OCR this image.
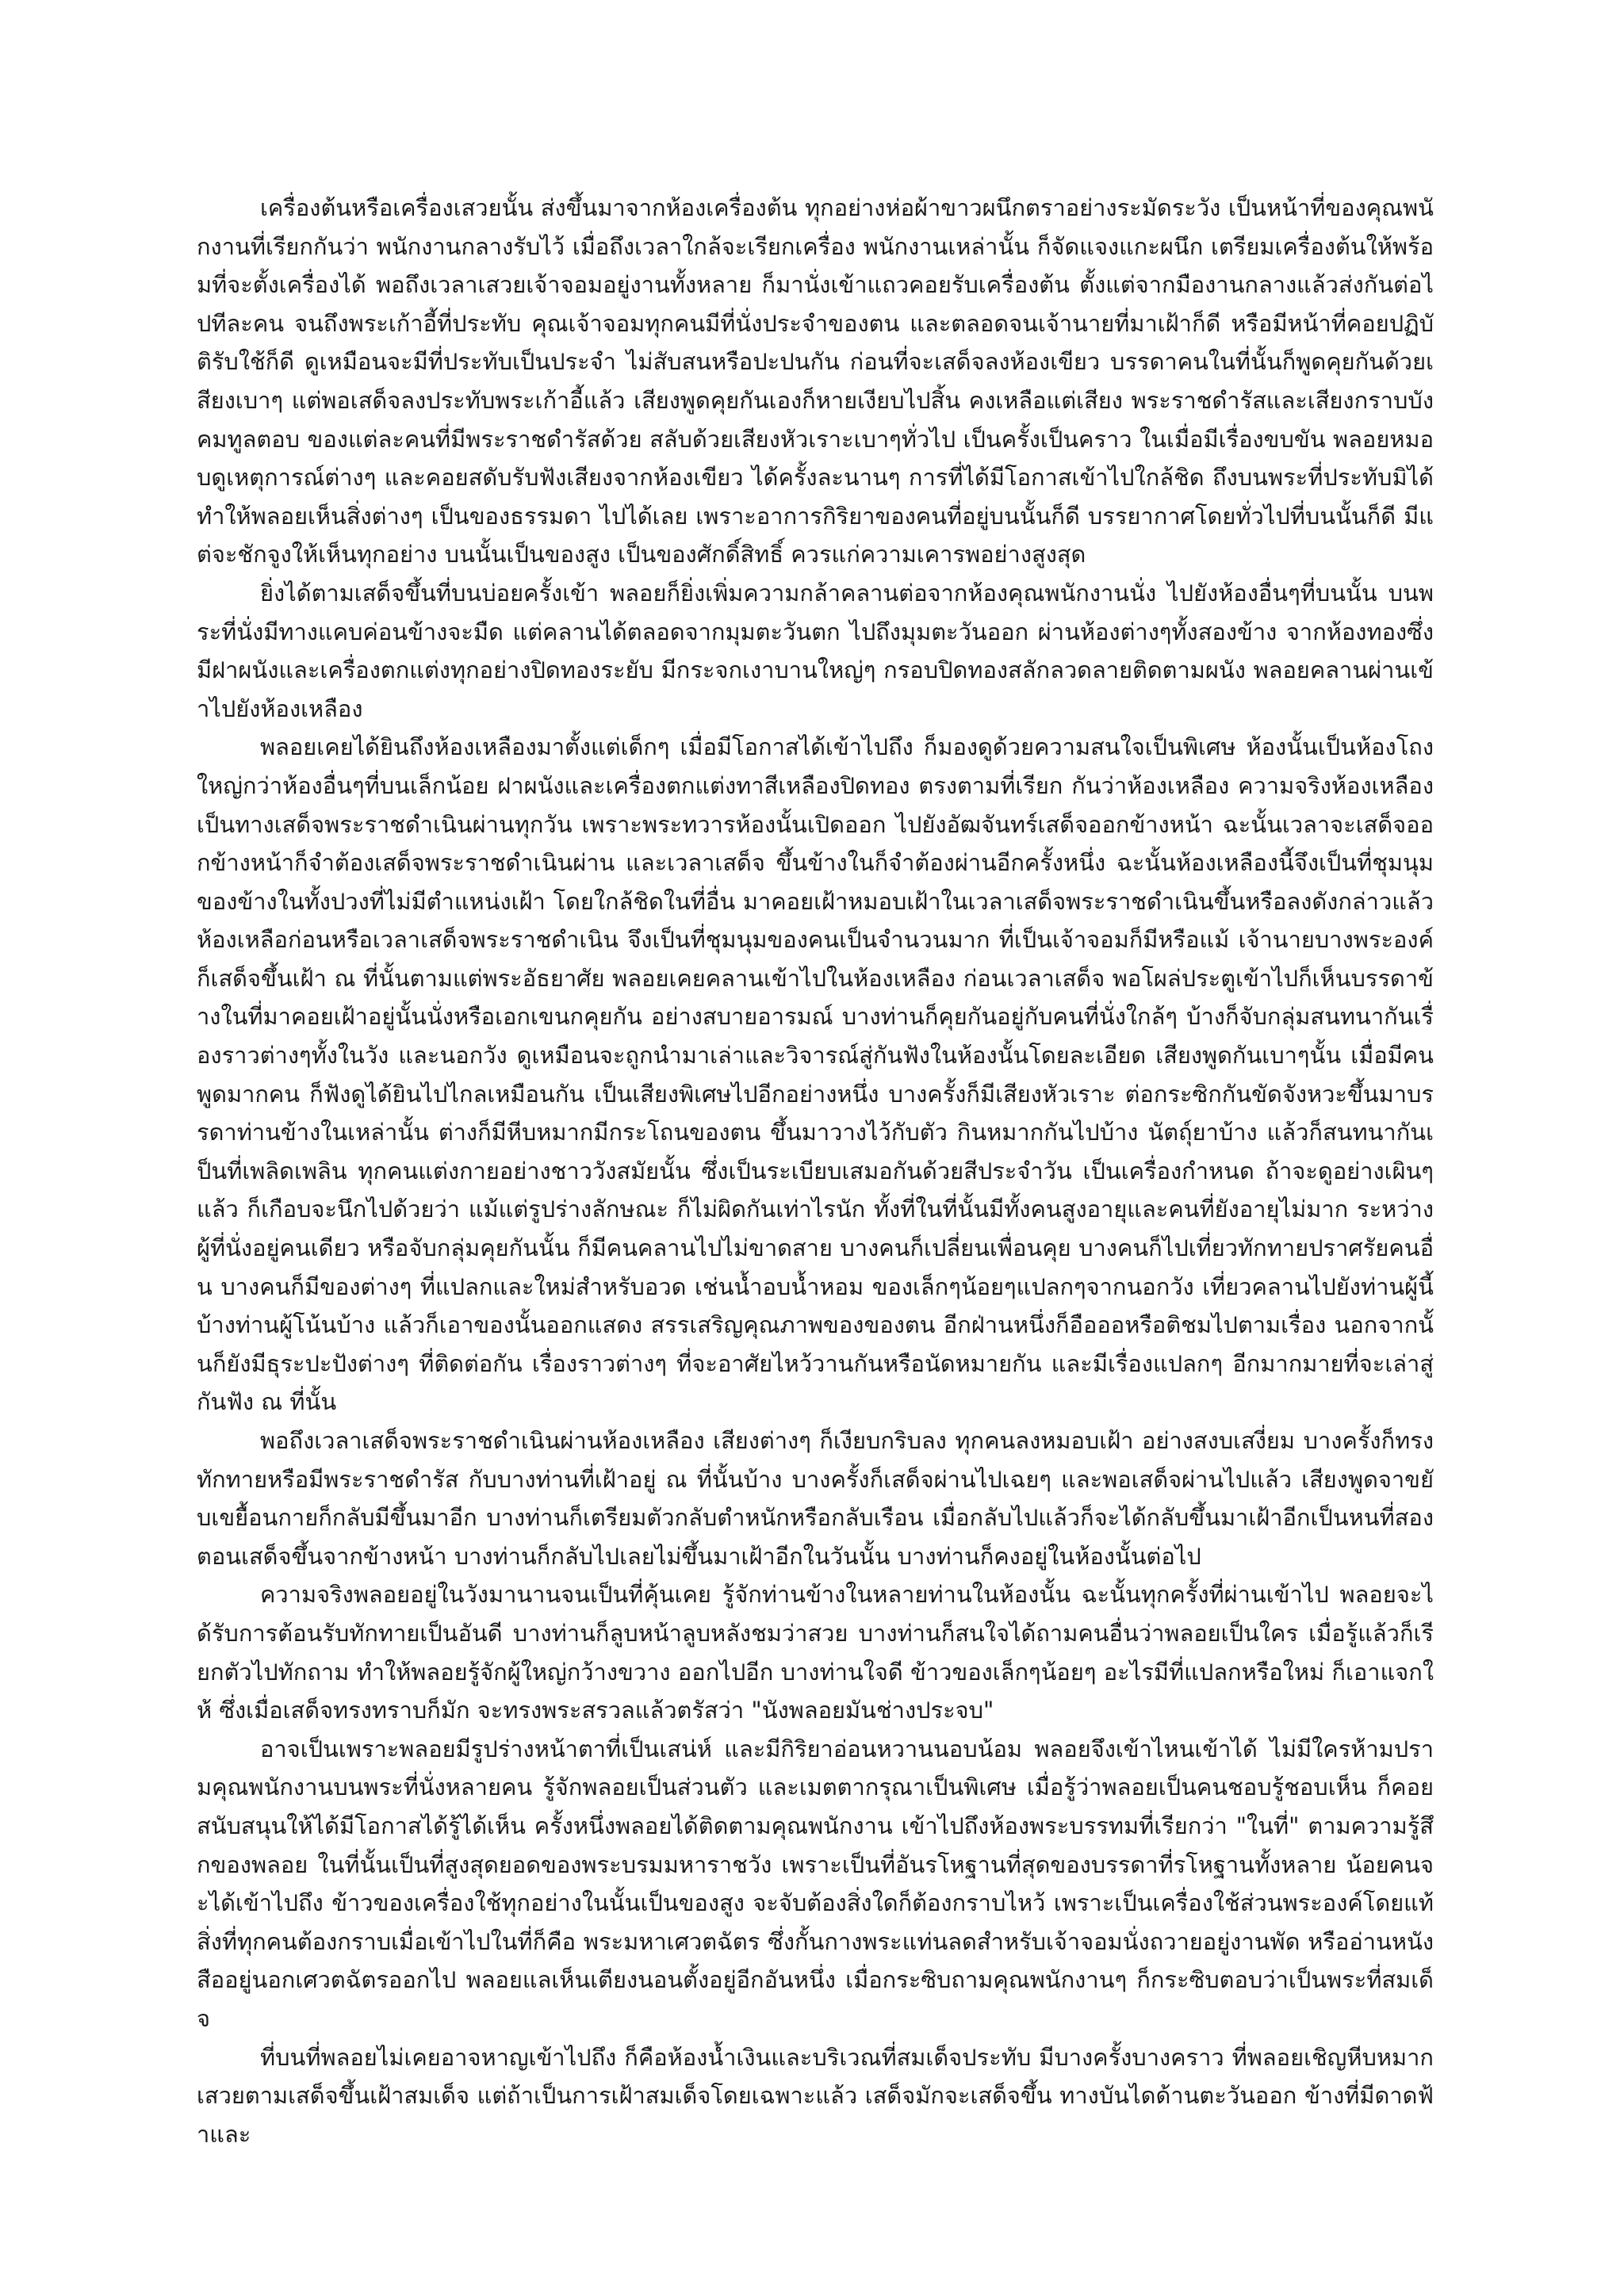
เครื่องต้นหรือเครื่องเสวยนั้น ส่งขึ้นมาจากห้องเครื่องต้น ทุกอย่างห่อผ้าขาวผนึกตราอย่างระมัดระวัง เป็นหน้าที่ของคุณพนักงานที่เรียกกันว่า พนักงานกลางรับไว้ เมื่อถึงเวลาใกล้จะเรียกเครื่อง พนักงานเหล่านั้น ก็จัดแจงแกะผนึก เตรียมเครื่องต้นให้พร้อมที่จะตั้งเครื่องได้ พอถึงเวลาเสวยเจ้าจอมอยู่งานทั้งหลาย ก็มานั่งเข้าแถวคอยรับเครื่องต้น ตั้งแต่จากมืองานกลางแล้วส่งกันต่อไปทีละคน จนถึงพระเก้าอี้ที่ประทับ คุณเจ้าจอมทุกคนมีที่นั่งประจำของตน และตลอดจนเจ้านายที่มาเฝ้าก็ดี หรือมีหน้าที่คอยปฏิบัติรับใช้ก็ดี ดูเหมือนจะมีที่ประทับเป็นประจำ ไม่สับสนหรือปะปนกัน ก่อนที่จะเสด็จลงห้องเขียว บรรดาคนในที่นั้นก็พูดคุยกันด้วยเสียงเบาๆ แต่พอเสด็จลงประทับพระเก้าอี้แล้ว เสียงพูดคุยกันเองก็หายเงียบไปสิ้น คงเหลือแต่เสียง พระราชดำรัสและเสียงกราบบังคมทูลตอบ ของแต่ละคนที่มีพระราชดำรัสด้วย สลับด้วยเสียงหัวเราะเบาๆทั่วไป เป็นครั้งเป็นคราว ในเมื่อมีเรื่องขบขัน พลอยหมอบดูเหตุการณ์ต่างๆ และคอยสดับรับฟังเสียงจากห้องเขียว ได้ครั้งละนานๆ การที่ได้มีโอกาสเข้าไปใกล้ชิด ถึงบนพระที่ประทับมิได้ทำให้พลอยเห็นสิ่งต่างๆ เป็นของธรรมดา ไปได้เลย เพราะอาการกิริยาของคนที่อยู่บนนั้นก็ดี บรรยากาศโดยทั่วไปที่บนนั้นก็ดี มีแต่จะชักจูงให้เห็นทุกอย่าง บนนั้นเป็นของสูง เป็นของศักดิ์สิทธิ์ ควรแก่ความเคารพอย่างสูงสุด

ยิ่งได้ตามเสด็จขึ้นที่บนบ่อยครั้งเข้า พลอยก็ยิ่งเพิ่มความกล้าคลานต่อจากห้องคุณพนักงานนั่ง ไปยังห้องอื่นๆที่บนนั้น บนพระที่นั่งมีทางแคบค่อนข้างจะมืด แต่คลานได้ตลอดจากมุมตะวันตก ไปถึงมุมตะวันออก ผ่านห้องต่างๆทั้งสองข้าง จากห้องทองซึ่งมีฝาผนังและเครื่องตกแต่งทุกอย่างปิดทองระยับ มีกระจกเงาบานใหญ่ๆ กรอบปิดทองสลักลวดลายติดตามผนัง พลอยคลานผ่านเข้าไปยังห้องเหลือง

พลอยเคยได้ยินถึงห้องเหลืองมาตั้งแต่เด็กๆ เมื่อมีโอกาสได้เข้าไปถึง ก็มองดูด้วยความสนใจเป็นพิเศษ ห้องนั้นเป็นห้องโถงใหญ่กว่าห้องอื่นๆที่บนเล็กน้อย ฝาผนังและเครื่องตกแต่งทาสีเหลืองปิดทอง ตรงตามที่เรียก กันว่าห้องเหลือง ความจริงห้องเหลืองเป็นทางเสด็จพระราชดำเนินผ่านทุกวัน เพราะพระทวารห้องนั้นเปิดออก ไปยังอัฒจันทร์เสด็จออกข้างหน้า ฉะนั้นเวลาจะเสด็จออกข้างหน้าก็จำต้องเสด็จพระราชดำเนินผ่าน และเวลาเสด็จ ขึ้นข้างในก็จำต้องผ่านอีกครั้งหนึ่ง ฉะนั้นห้องเหลืองนี้จึงเป็นที่ชุมนุม ของข้างในทั้งปวงที่ไม่มีตำแหน่งเฝ้า โดยใกล้ชิดในที่อื่น มาคอยเฝ้าหมอบเฝ้าในเวลาเสด็จพระราชดำเนินขึ้นหรือลงดังกล่าวแล้ว ห้องเหลือก่อนหรือเวลาเสด็จพระราชดำเนิน จึงเป็นที่ชุมนุมของคนเป็นจำนวนมาก ที่เป็นเจ้าจอมก็มีหรือแม้ เจ้านายบางพระองค์ ก็เสด็จขึ้นเฝ้า ณ ที่นั้นตามแต่พระอัธยาศัย พลอยเคยคลานเข้าไปในห้องเหลือง ก่อนเวลาเสด็จ พอโผล่ประตูเข้าไปก็เห็นบรรดาข้างในที่มาคอยเฝ้าอยู่นั้นนั่งหรือเอกเขนกคุยกัน อย่างสบายอารมณ์ บางท่านก็คุยกันอยู่กับคนที่นั่งใกล้ๆ บ้างก็จับกลุ่มสนทนากันเรื่องราวต่างๆทั้งในวัง และนอกวัง ดูเหมือนจะถูกนำมาเล่าและวิจารณ์สู่กันฟังในห้องนั้นโดยละเอียด เสียงพูดกันเบาๆนั้น เมื่อมีคนพูดมากคน ก็ฟังดูได้ยินไปไกลเหมือนกัน เป็นเสียงพิเศษไปอีกอย่างหนึ่ง บางครั้งก็มีเสียงหัวเราะ ต่อกระซิกกันขัดจังหวะขึ้นมาบรรดาท่านข้างในเหล่านั้น ต่างก็มีหีบหมากมีกระโถนของตน ขึ้นมาวางไว้กับตัว กินหมากกันไปบ้าง นัตถุ์ยาบ้าง แล้วก็สนทนากันเป็นที่เพลิดเพลิน ทุกคนแต่งกายอย่างชาววังสมัยนั้น ซึ่งเป็นระเบียบเสมอกันด้วยสีประจำวัน เป็นเครื่องกำหนด ถ้าจะดูอย่างเผินๆแล้ว ก็เกือบจะนึกไปด้วยว่า แม้แต่รูปร่างลักษณะ ก็ไม่ผิดกันเท่าไรนัก ทั้งที่ในที่นั้นมีทั้งคนสูงอายุและคนที่ยังอายุไม่มาก ระหว่างผู้ที่นั่งอยู่คนเดียว หรือจับกลุ่มคุยกันนั้น ก็มีคนคลานไปไม่ขาดสาย บางคนก็เปลี่ยนเพื่อนคุย บางคนก็ไปเที่ยวทักทายปราศรัยคนอื่น บางคนก็มีของต่างๆ ที่แปลกและใหม่สำหรับอวด เช่นน้ำอบน้ำหอม ของเล็กๆน้อยๆแปลกๆจากนอกวัง เที่ยวคลานไปยังท่านผู้นี้บ้างท่านผู้โน้นบ้าง แล้วก็เอาของนั้นออกแสดง สรรเสริญคุณภาพของของตน อีกฝ่านหนึ่งก็อือออหรือติชมไปตามเรื่อง นอกจากนั้นก็ยังมีธุระปะปังต่างๆ ที่ติดต่อกัน เรื่องราวต่างๆ ที่จะอาศัยไหว้วานกันหรือนัดหมายกัน และมีเรื่องแปลกๆ อีกมากมายที่จะเล่าสู่กันฟัง ณ ที่นั้น

พอถึงเวลาเสด็จพระราชดำเนินผ่านห้องเหลือง เสียงต่างๆ ก็เงียบกริบลง ทุกคนลงหมอบเฝ้า อย่างสงบเสงี่ยม บางครั้งก็ทรงทักทายหรือมีพระราชดำรัส กับบางท่านที่เฝ้าอยู่ ณ ที่นั้นบ้าง บางครั้งก็เสด็จผ่านไปเฉยๆ และพอเสด็จผ่านไปแล้ว เสียงพูดจาขยับเขยื้อนกายก็กลับมีขึ้นมาอีก บางท่านก็เตรียมตัวกลับตำหนักหรือกลับเรือน เมื่อกลับไปแล้วก็จะได้กลับขึ้นมาเฝ้าอีกเป็นหนที่สองตอนเสด็จขึ้นจากข้างหน้า บางท่านก็กลับไปเลยไม่ขึ้นมาเฝ้าอีกในวันนั้น บางท่านก็คงอยู่ในห้องนั้นต่อไป

ความจริงพลอยอยู่ในวังมานานจนเป็นที่คุ้นเคย รู้จักท่านข้างในหลายท่านในห้องนั้น ฉะนั้นทุกครั้งที่ผ่านเข้าไป พลอยจะได้รับการต้อนรับทักทายเป็นอันดี บางท่านก็ลูบหน้าลูบหลังชมว่าสวย บางท่านก็สนใจได้ถามคนอื่นว่าพลอยเป็นใคร เมื่อรู้แล้วก็เรียกตัวไปทักถาม ทำให้พลอยรู้จักผู้ใหญ่กว้างขวาง ออกไปอีก บางท่านใจดี ข้าวของเล็กๆน้อยๆ อะไรมีที่แปลกหรือใหม่ ก็เอาแจกให้ ซึ่งเมื่อเสด็จทรงทราบก็มัก จะทรงพระสรวลแล้วตรัสว่า "นังพลอยมันช่างประจบ"

อาจเป็นเพราะพลอยมีรูปร่างหน้าตาที่เป็นเสน่ห์ และมีกิริยาอ่อนหวานนอบน้อม พลอยจึงเข้าไหนเข้าได้ ไม่มีใครห้ามปรามคุณพนักงานบนพระที่นั่งหลายคน รู้จักพลอยเป็นส่วนตัว และเมตตากรุณาเป็นพิเศษ เมื่อรู้ว่าพลอยเป็นคนชอบรู้ชอบเห็น ก็คอยสนับสนุนให้ได้มีโอกาสได้รู้ได้เห็น ครั้งหนึ่งพลอยได้ติดตามคุณพนักงาน เข้าไปถึงห้องพระบรรทมที่เรียกว่า "ในที่" ตามความรู้สึกของพลอย ในที่นั้นเป็นที่สูงสุดยอดของพระบรมมหาราชวัง เพราะเป็นที่อันรโหฐานที่สุดของบรรดาที่รโหฐานทั้งหลาย น้อยคนจะได้เข้าไปถึง ข้าวของเครื่องใช้ทุกอย่างในนั้นเป็นของสูง จะจับต้องสิ่งใดก็ต้องกราบไหว้ เพราะเป็นเครื่องใช้ส่วนพระองค์โดยแท้ สิ่งที่ทุกคนต้องกราบเมื่อเข้าไปในที่ก็คือ พระมหาเศวตฉัตร ซึ่งกั้นกางพระแท่นลดสำหรับเจ้าจอมนั่งถวายอยู่งานพัด หรืออ่านหนังสืออยู่นอกเศวตฉัตรออกไป พลอยแลเห็นเตียงนอนตั้งอยู่อีกอันหนึ่ง เมื่อกระซิบถามคุณพนักงานๆ ก็กระซิบตอบว่าเป็นพระที่สมเด็จ

ที่บนที่พลอยไม่เคยอาจหาญเข้าไปถึง ก็คือห้องน้ำเงินและบริเวณที่สมเด็จประทับ มีบางครั้งบางคราว ที่พลอยเชิญหีบหมากเสวยตามเสด็จขึ้นเฝ้าสมเด็จ แต่ถ้าเป็นการเฝ้าสมเด็จโดยเฉพาะแล้ว เสด็จมักจะเสด็จขึ้น ทางบันไดด้านตะวันออก ข้างที่มีดาดฟ้าและ
